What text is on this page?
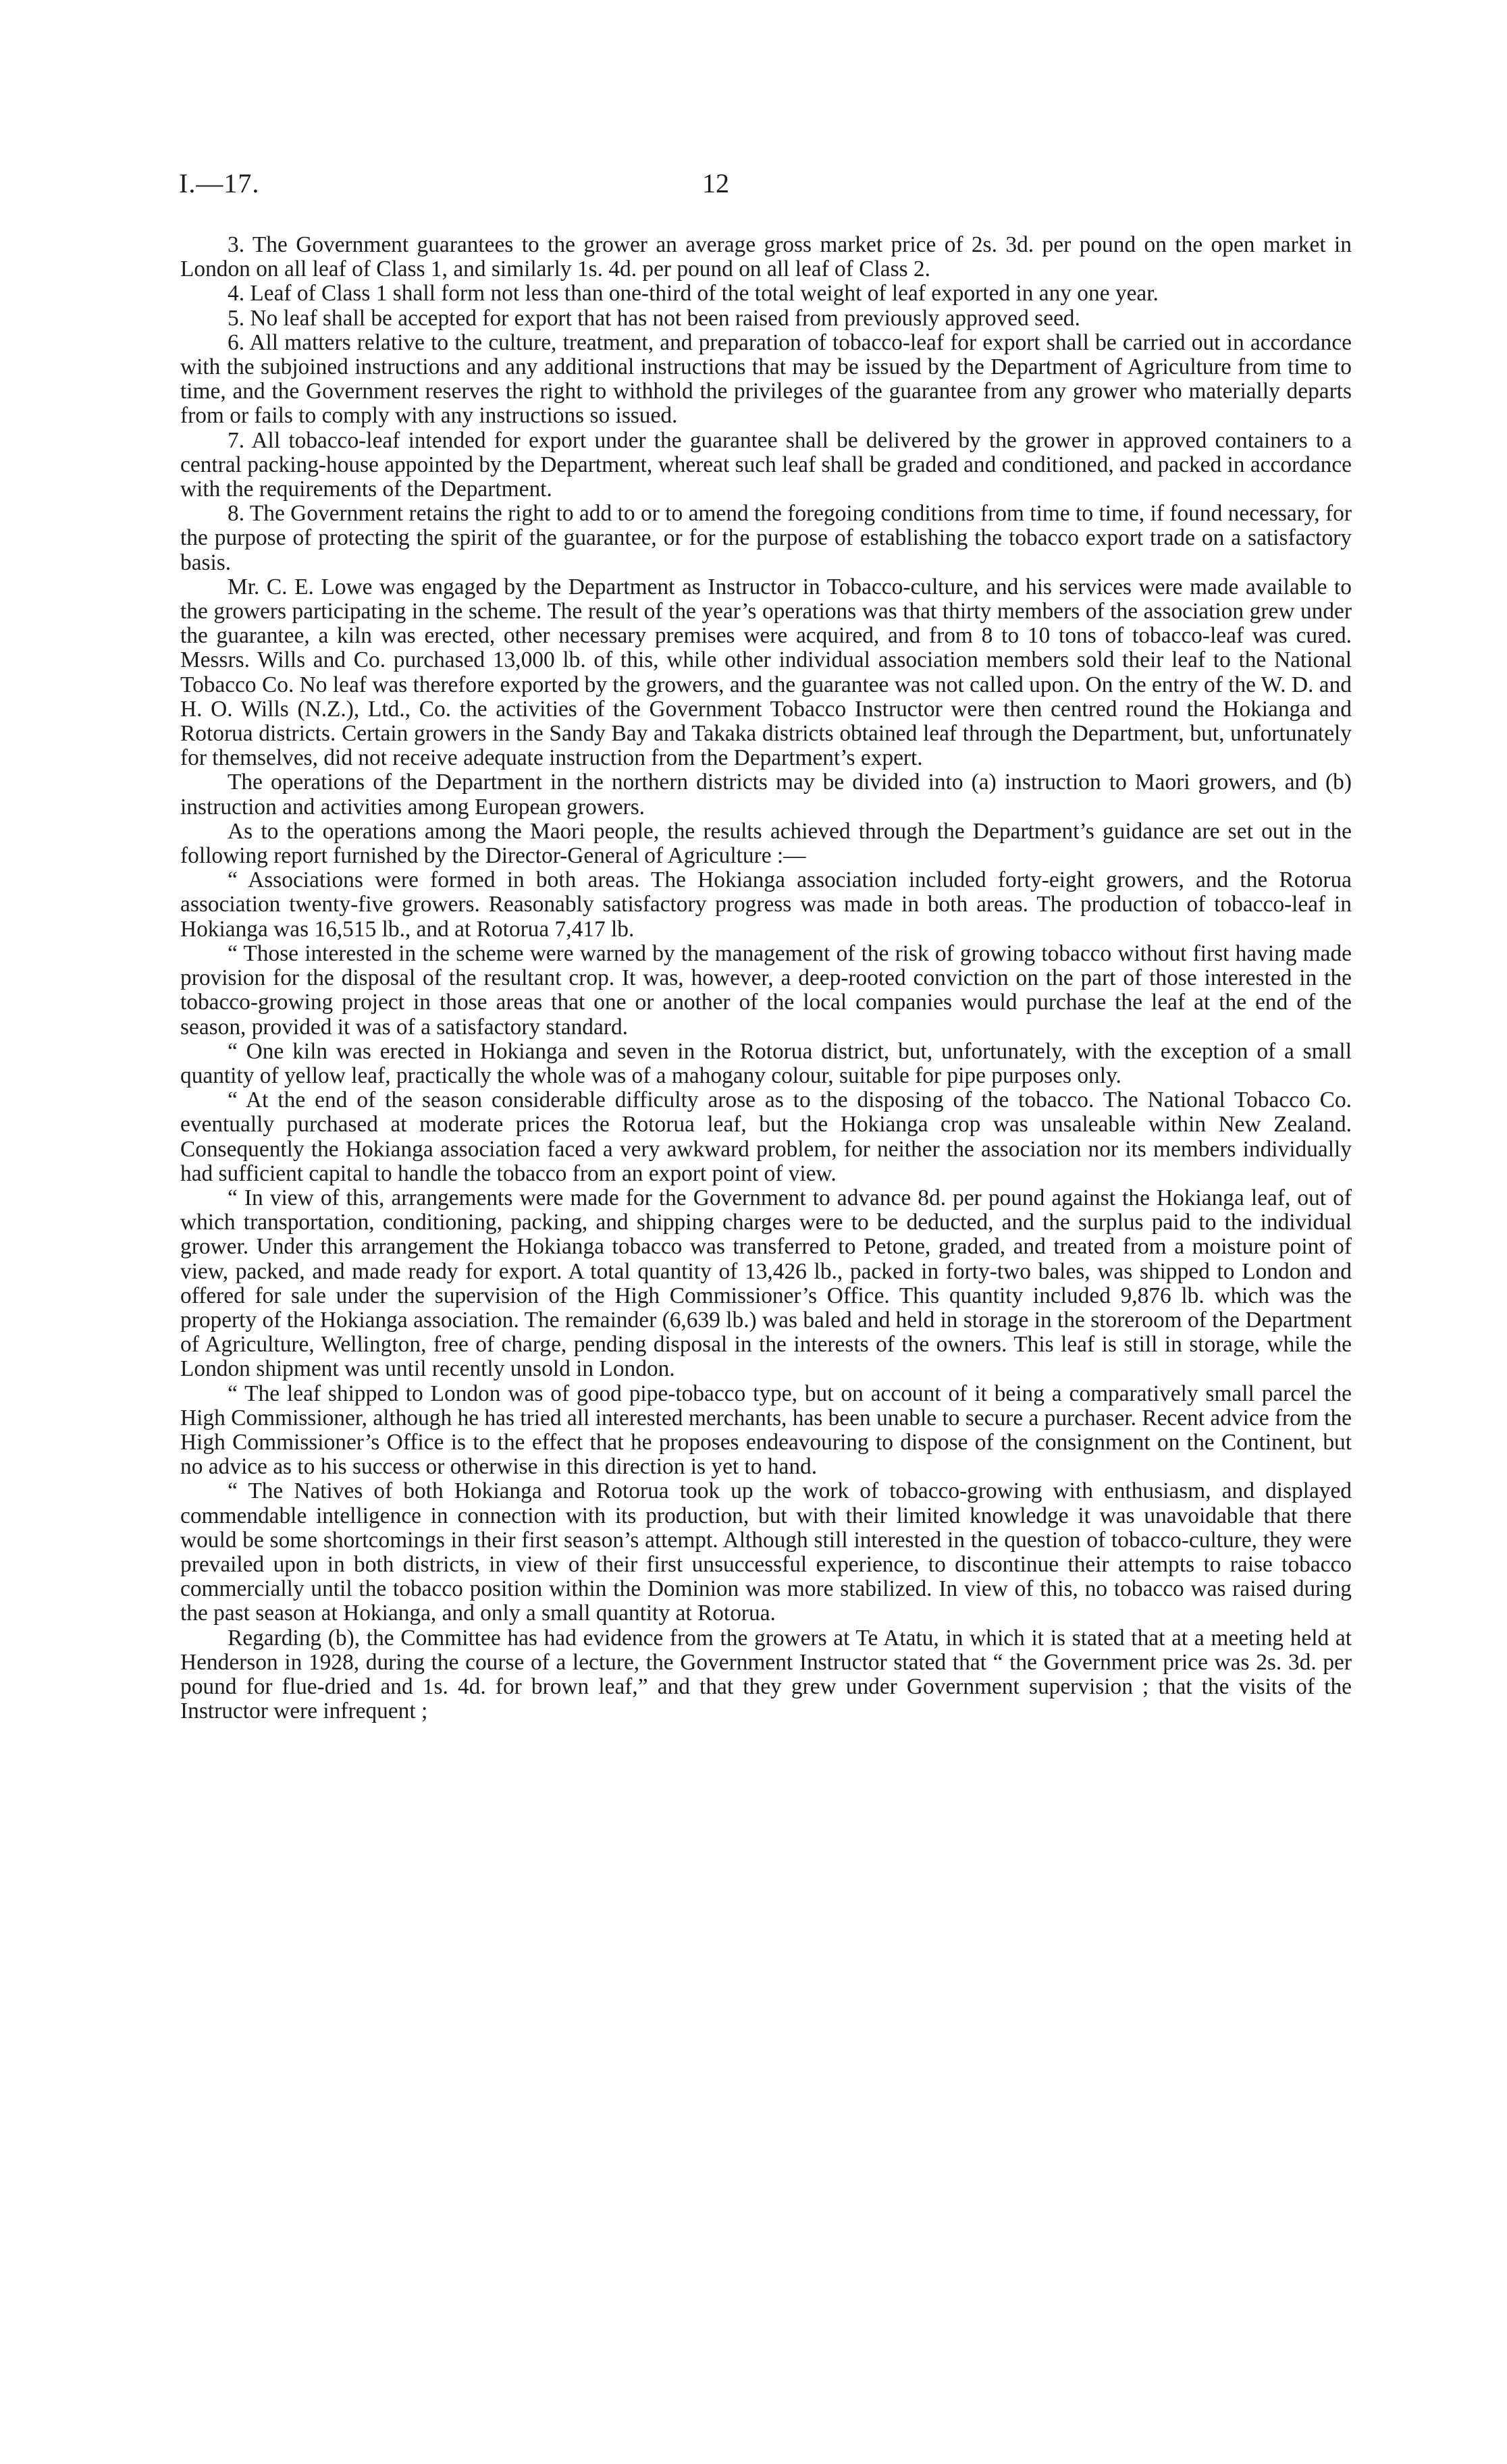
I.—17.	12

3. The Government guarantees to the grower an average gross market price of 2s. 3d. per pound on the open market in London on all leaf of Class 1, and similarly 1s. 4d. per pound on all leaf of Class 2.

4. Leaf of Class 1 shall form not less than one-third of the total weight of leaf exported in any one year.

5. No leaf shall be accepted for export that has not been raised from previously approved seed.

6. All matters relative to the culture, treatment, and preparation of tobacco-leaf for export shall be carried out in accordance with the subjoined instructions and any additional instructions that may be issued by the Department of Agriculture from time to time, and the Government reserves the right to withhold the privileges of the guarantee from any grower who materially departs from or fails to comply with any instructions so issued.

7. All tobacco-leaf intended for export under the guarantee shall be delivered by the grower in approved containers to a central packing-house appointed by the Department, whereat such leaf shall be graded and conditioned, and packed in accordance with the requirements of the Department.

8. The Government retains the right to add to or to amend the foregoing conditions from time to time, if found necessary, for the purpose of protecting the spirit of the guarantee, or for the purpose of establishing the tobacco export trade on a satisfactory basis.

Mr. C. E. Lowe was engaged by the Department as Instructor in Tobacco-culture, and his services were made available to the growers participating in the scheme. The result of the year’s operations was that thirty members of the association grew under the guarantee, a kiln was erected, other necessary premises were acquired, and from 8 to 10 tons of tobacco-leaf was cured. Messrs. Wills and Co. purchased 13,000 lb. of this, while other individual association members sold their leaf to the National Tobacco Co. No leaf was therefore exported by the growers, and the guarantee was not called upon. On the entry of the W. D. and H. O. Wills (N.Z.), Ltd., Co. the activities of the Government Tobacco Instructor were then centred round the Hokianga and Rotorua districts. Certain growers in the Sandy Bay and Takaka districts obtained leaf through the Department, but, unfortunately for themselves, did not receive adequate instruction from the Department’s expert.

The operations of the Department in the northern districts may be divided into (a) instruction to Maori growers, and (b) instruction and activities among European growers.

As to the operations among the Maori people, the results achieved through the Department’s guidance are set out in the following report furnished by the Director-General of Agriculture :—

“ Associations were formed in both areas. The Hokianga association included forty-eight growers, and the Rotorua association twenty-five growers. Reasonably satisfactory progress was made in both areas. The production of tobacco-leaf in Hokianga was 16,515 lb., and at Rotorua 7,417 lb.

“ Those interested in the scheme were warned by the management of the risk of growing tobacco without first having made provision for the disposal of the resultant crop. It was, however, a deep-rooted conviction on the part of those interested in the tobacco-growing project in those areas that one or another of the local companies would purchase the leaf at the end of the season, provided it was of a satisfactory standard.

“ One kiln was erected in Hokianga and seven in the Rotorua district, but, unfortunately, with the exception of a small quantity of yellow leaf, practically the whole was of a mahogany colour, suitable for pipe purposes only.

“ At the end of the season considerable difficulty arose as to the disposing of the tobacco. The National Tobacco Co. eventually purchased at moderate prices the Rotorua leaf, but the Hokianga crop was unsaleable within New Zealand. Consequently the Hokianga association faced a very awkward problem, for neither the association nor its members individually had sufficient capital to handle the tobacco from an export point of view.

“ In view of this, arrangements were made for the Government to advance 8d. per pound against the Hokianga leaf, out of which transportation, conditioning, packing, and shipping charges were to be deducted, and the surplus paid to the individual grower. Under this arrangement the Hokianga tobacco was transferred to Petone, graded, and treated from a moisture point of view, packed, and made ready for export. A total quantity of 13,426 lb., packed in forty-two bales, was shipped to London and offered for sale under the supervision of the High Commissioner’s Office. This quantity included 9,876 lb. which was the property of the Hokianga association. The remainder (6,639 lb.) was baled and held in storage in the storeroom of the Department of Agriculture, Wellington, free of charge, pending disposal in the interests of the owners. This leaf is still in storage, while the London shipment was until recently unsold in London.

“ The leaf shipped to London was of good pipe-tobacco type, but on account of it being a comparatively small parcel the High Commissioner, although he has tried all interested merchants, has been unable to secure a purchaser. Recent advice from the High Commissioner’s Office is to the effect that he proposes endeavouring to dispose of the consignment on the Continent, but no advice as to his success or otherwise in this direction is yet to hand.

“ The Natives of both Hokianga and Rotorua took up the work of tobacco-growing with enthusiasm, and displayed commendable intelligence in connection with its production, but with their limited knowledge it was unavoidable that there would be some shortcomings in their first season’s attempt. Although still interested in the question of tobacco-culture, they were prevailed upon in both districts, in view of their first unsuccessful experience, to discontinue their attempts to raise tobacco commercially until the tobacco position within the Dominion was more stabilized. In view of this, no tobacco was raised during the past season at Hokianga, and only a small quantity at Rotorua.

Regarding (b), the Committee has had evidence from the growers at Te Atatu, in which it is stated that at a meeting held at Henderson in 1928, during the course of a lecture, the Government Instructor stated that “ the Government price was 2s. 3d. per pound for flue-dried and 1s. 4d. for brown leaf,” and that they grew under Government supervision ; that the visits of the Instructor were infrequent ;
